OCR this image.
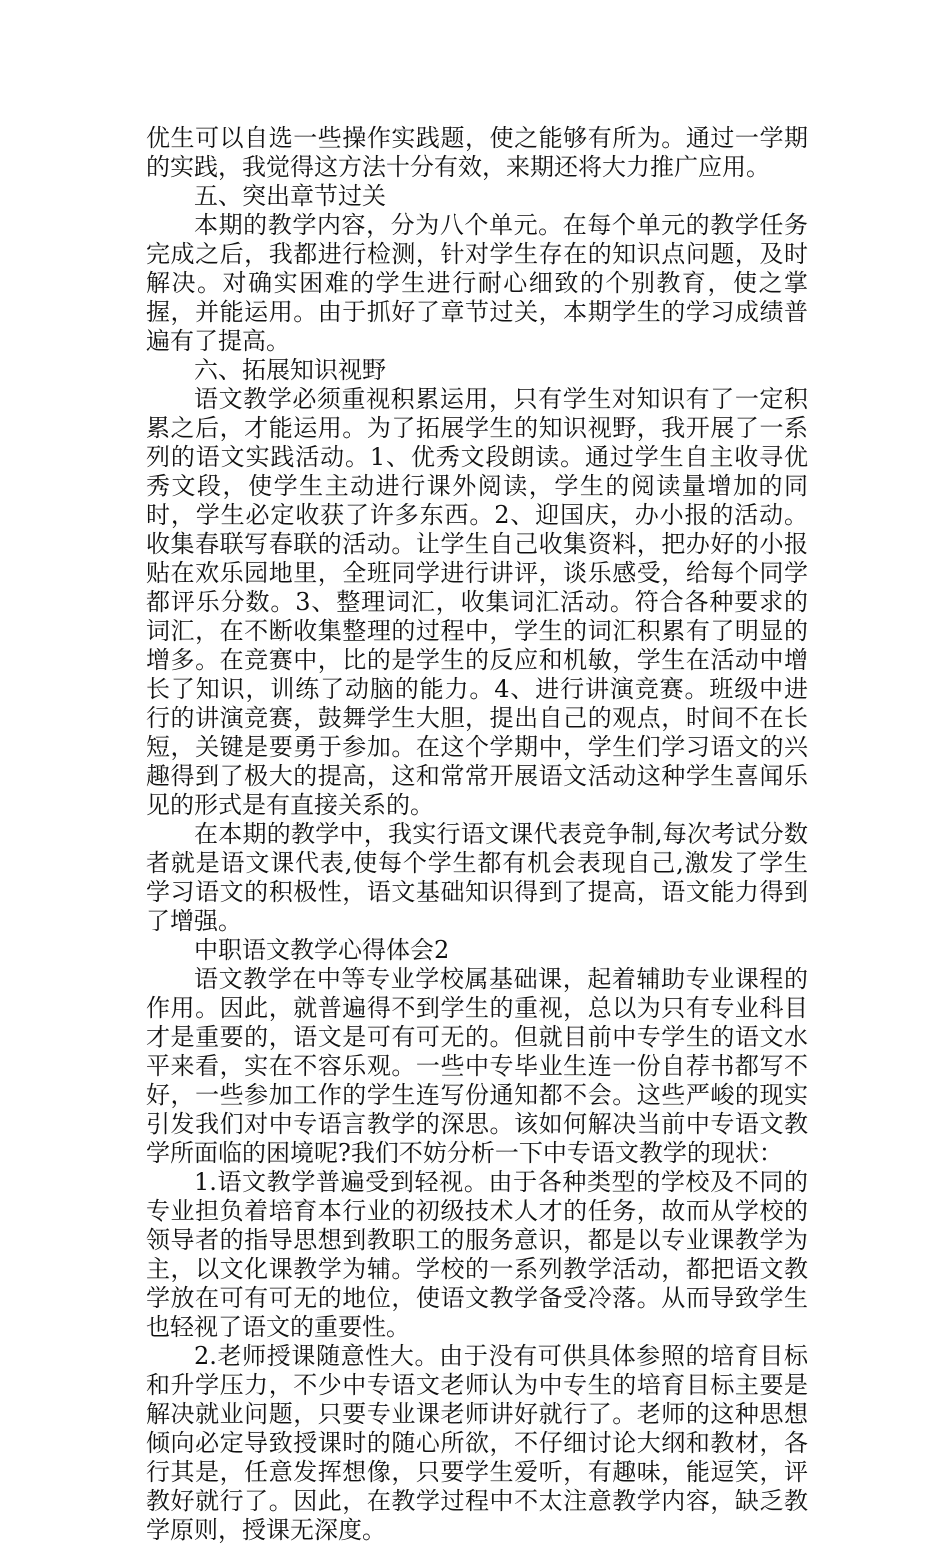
优生可以自选一些操作实践题，使之能够有所为。通过一学期的实践，我觉得这方法十分有效，来期还将大力推广应用。

五、突出章节过关

本期的教学内容，分为八个单元。在每个单元的教学任务完成之后，我都进行检测，针对学生存在的知识点问题，及时解决。对确实困难的学生进行耐心细致的个别教育，使之掌握，并能运用。由于抓好了章节过关，本期学生的学习成绩普遍有了提高。

六、拓展知识视野

语文教学必须重视积累运用，只有学生对知识有了一定积累之后，才能运用。为了拓展学生的知识视野，我开展了一系列的语文实践活动。1、优秀文段朗读。通过学生自主收寻优秀文段，使学生主动进行课外阅读，学生的阅读量增加的同时，学生必定收获了许多东西。2、迎国庆，办小报的活动。收集春联写春联的活动。让学生自己收集资料，把办好的小报贴在欢乐园地里，全班同学进行讲评，谈乐感受，给每个同学都评乐分数。3、整理词汇，收集词汇活动。符合各种要求的词汇，在不断收集整理的过程中，学生的词汇积累有了明显的增多。在竞赛中，比的是学生的反应和机敏，学生在活动中增长了知识，训练了动脑的能力。4、进行讲演竞赛。班级中进行的讲演竞赛，鼓舞学生大胆，提出自己的观点，时间不在长短，关键是要勇于参加。在这个学期中，学生们学习语文的兴趣得到了极大的提高，这和常常开展语文活动这种学生喜闻乐见的形式是有直接关系的。

在本期的教学中，我实行语文课代表竞争制,每次考试分数者就是语文课代表,使每个学生都有机会表现自己,激发了学生学习语文的积极性，语文基础知识得到了提高，语文能力得到了增强。

中职语文教学心得体会2

语文教学在中等专业学校属基础课，起着辅助专业课程的作用。因此，就普遍得不到学生的重视，总以为只有专业科目才是重要的，语文是可有可无的。但就目前中专学生的语文水平来看，实在不容乐观。一些中专毕业生连一份自荐书都写不好，一些参加工作的学生连写份通知都不会。这些严峻的现实引发我们对中专语言教学的深思。该如何解决当前中专语文教学所面临的困境呢?我们不妨分析一下中专语文教学的现状：

1.语文教学普遍受到轻视。由于各种类型的学校及不同的专业担负着培育本行业的初级技术人才的任务，故而从学校的领导者的指导思想到教职工的服务意识，都是以专业课教学为主，以文化课教学为辅。学校的一系列教学活动，都把语文教学放在可有可无的地位，使语文教学备受冷落。从而导致学生也轻视了语文的重要性。

2.老师授课随意性大。由于没有可供具体参照的培育目标和升学压力，不少中专语文老师认为中专生的培育目标主要是解决就业问题，只要专业课老师讲好就行了。老师的这种思想倾向必定导致授课时的随心所欲，不仔细讨论大纲和教材，各行其是，任意发挥想像，只要学生爱听，有趣味，能逗笑，评教好就行了。因此，在教学过程中不太注意教学内容，缺乏教学原则，授课无深度。
